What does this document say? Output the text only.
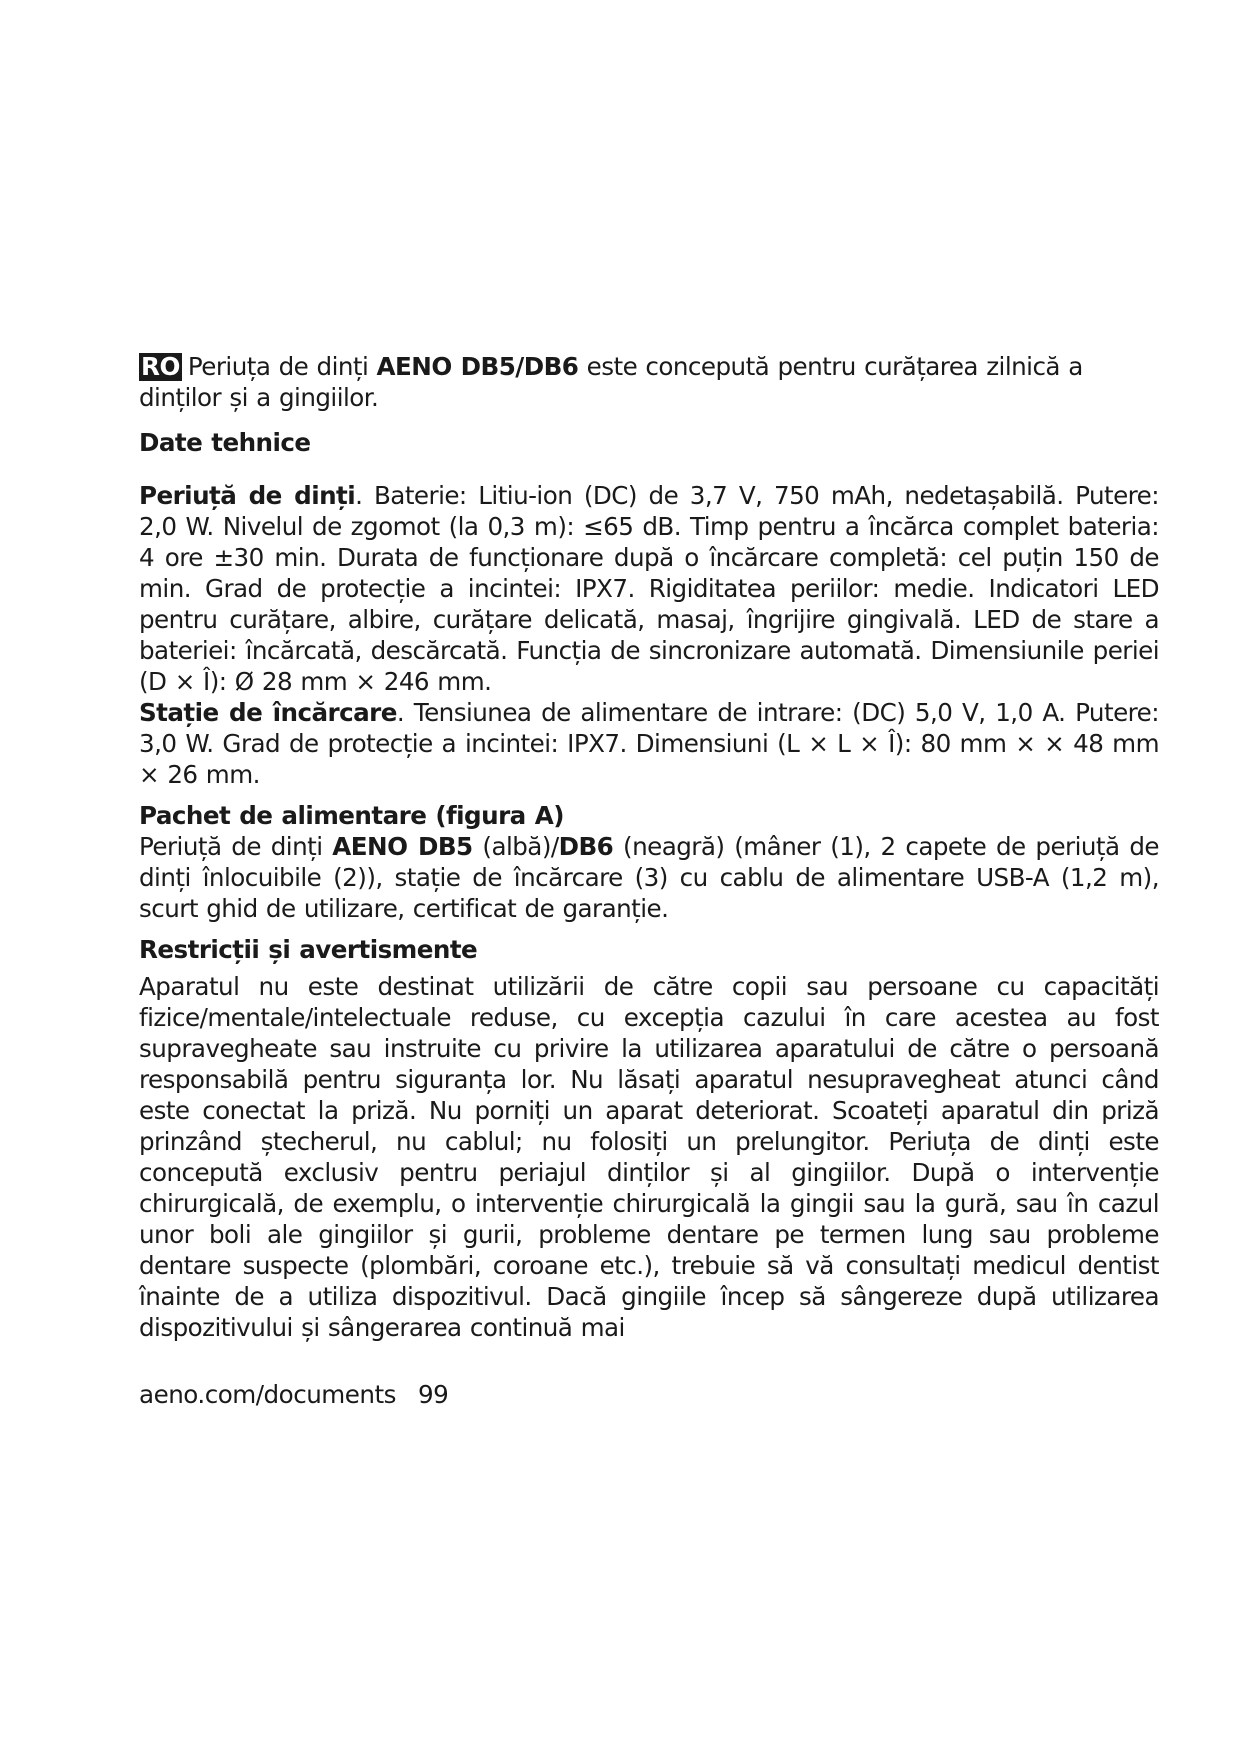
RO Periuța de dinți AENO DB5/DB6 este concepută pentru curățarea zilnică a dinților și a gingiilor.

Date tehnice

Periuță de dinți. Baterie: Litiu-ion (DC) de 3,7 V, 750 mAh, nedetașabilă. Putere: 2,0 W. Nivelul de zgomot (la 0,3 m): ≤65 dB. Timp pentru a încărca complet bateria: 4 ore ±30 min. Durata de funcționare după o încărcare completă: cel puțin 150 de min. Grad de protecție a incintei: IPX7. Rigiditatea periilor: medie. Indicatori LED pentru curățare, albire, curățare delicată, masaj, îngrijire gingivală. LED de stare a bateriei: încărcată, descărcată. Funcția de sincronizare automată. Dimensiunile periei (D × Î): Ø 28 mm × 246 mm.

Stație de încărcare. Tensiunea de alimentare de intrare: (DC) 5,0 V, 1,0 A. Putere: 3,0 W. Grad de protecție a incintei: IPX7. Dimensiuni (L × L × Î): 80 mm × × 48 mm × 26 mm.

Pachet de alimentare (figura A)

Periuță de dinți AENO DB5 (albă)/DB6 (neagră) (mâner (1), 2 capete de periuță de dinți înlocuibile (2)), stație de încărcare (3) cu cablu de alimentare USB-A (1,2 m), scurt ghid de utilizare, certificat de garanție.

Restricții și avertismente

Aparatul nu este destinat utilizării de către copii sau persoane cu capacități fizice/mentale/intelectuale reduse, cu excepția cazului în care acestea au fost supravegheate sau instruite cu privire la utilizarea aparatului de către o persoană responsabilă pentru siguranța lor. Nu lăsați aparatul nesupravegheat atunci când este conectat la priză. Nu porniți un aparat deteriorat. Scoateți aparatul din priză prinzând ștecherul, nu cablul; nu folosiți un prelungitor. Periuța de dinți este concepută exclusiv pentru periajul dinților și al gingiilor. După o intervenție chirurgicală, de exemplu, o intervenție chirurgicală la gingii sau la gură, sau în cazul unor boli ale gingiilor și gurii, probleme dentare pe termen lung sau probleme dentare suspecte (plombări, coroane etc.), trebuie să vă consultați medicul dentist înainte de a utiliza dispozitivul. Dacă gingiile încep să sângereze după utilizarea dispozitivului și sângerarea continuă mai

aeno.com/documents 99
